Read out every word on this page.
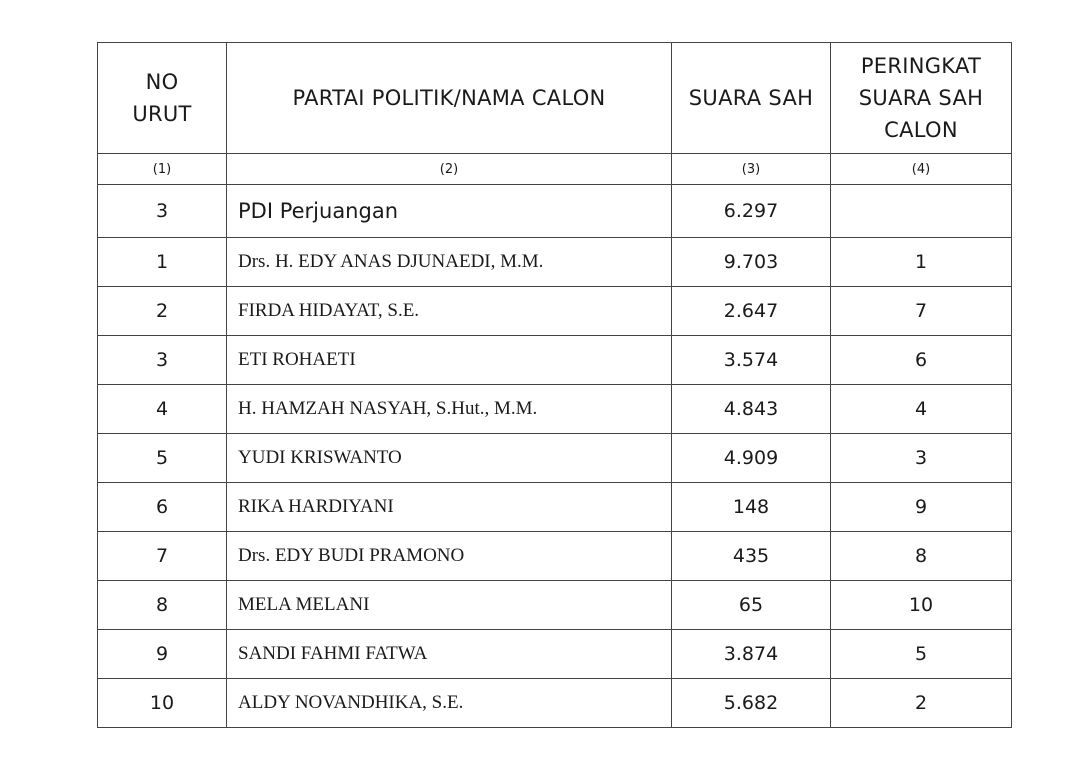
NO
URUT	PARTAI POLITIK/NAMA CALON	SUARA SAH	PERINGKAT
SUARA SAH
CALON
(1)	(2)	(3)	(4)
3	PDI Perjuangan	6.297	
1	Drs. H. EDY ANAS DJUNAEDI, M.M.	9.703	1
2	FIRDA HIDAYAT, S.E.	2.647	7
3	ETI ROHAETI	3.574	6
4	H. HAMZAH NASYAH, S.Hut., M.M.	4.843	4
5	YUDI KRISWANTO	4.909	3
6	RIKA HARDIYANI	148	9
7	Drs. EDY BUDI PRAMONO	435	8
8	MELA MELANI	65	10
9	SANDI FAHMI FATWA	3.874	5
10	ALDY NOVANDHIKA, S.E.	5.682	2
